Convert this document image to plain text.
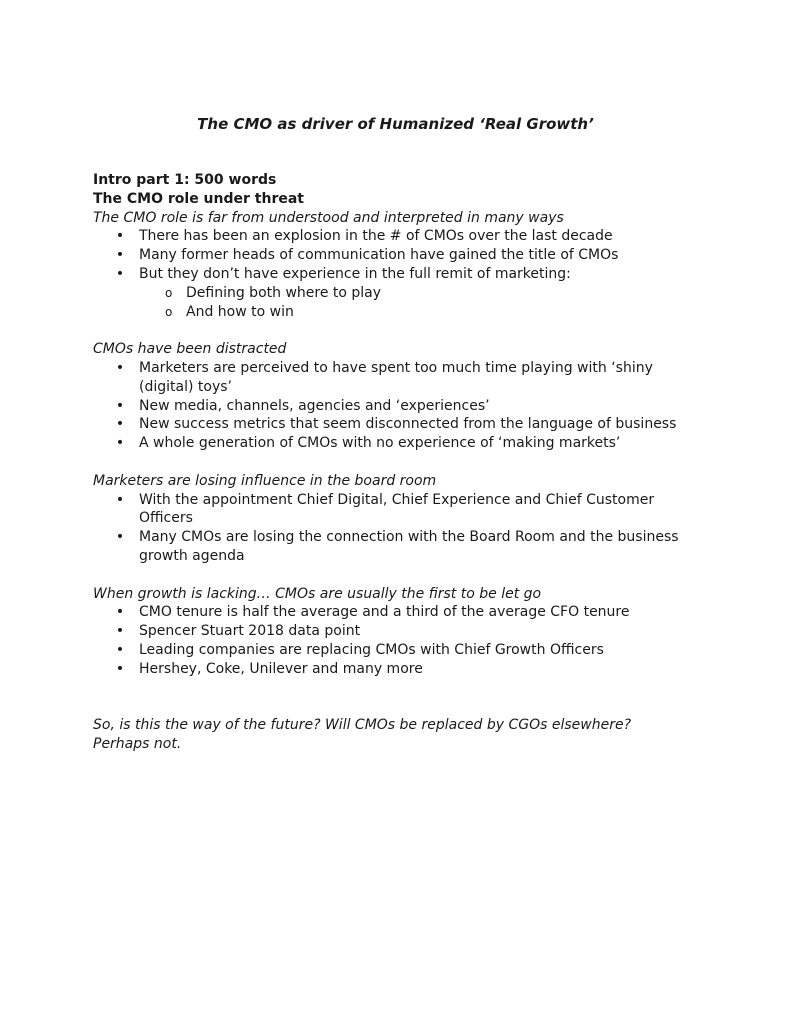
The CMO as driver of Humanized ‘Real Growth’

Intro part 1: 500 words

The CMO role under threat

The CMO role is far from understood and interpreted in many ways

• There has been an explosion in the # of CMOs over the last decade
• Many former heads of communication have gained the title of CMOs
• But they don’t have experience in the full remit of marketing:
o Defining both where to play
o And how to win

CMOs have been distracted

• Marketers are perceived to have spent too much time playing with ‘shiny
(digital) toys’
• New media, channels, agencies and ‘experiences’
• New success metrics that seem disconnected from the language of business
• A whole generation of CMOs with no experience of ‘making markets’

Marketers are losing influence in the board room

• With the appointment Chief Digital, Chief Experience and Chief Customer
Officers
• Many CMOs are losing the connection with the Board Room and the business
growth agenda

When growth is lacking… CMOs are usually the first to be let go

• CMO tenure is half the average and a third of the average CFO tenure
• Spencer Stuart 2018 data point
• Leading companies are replacing CMOs with Chief Growth Officers
• Hershey, Coke, Unilever and many more

So, is this the way of the future? Will CMOs be replaced by CGOs elsewhere?

Perhaps not.
